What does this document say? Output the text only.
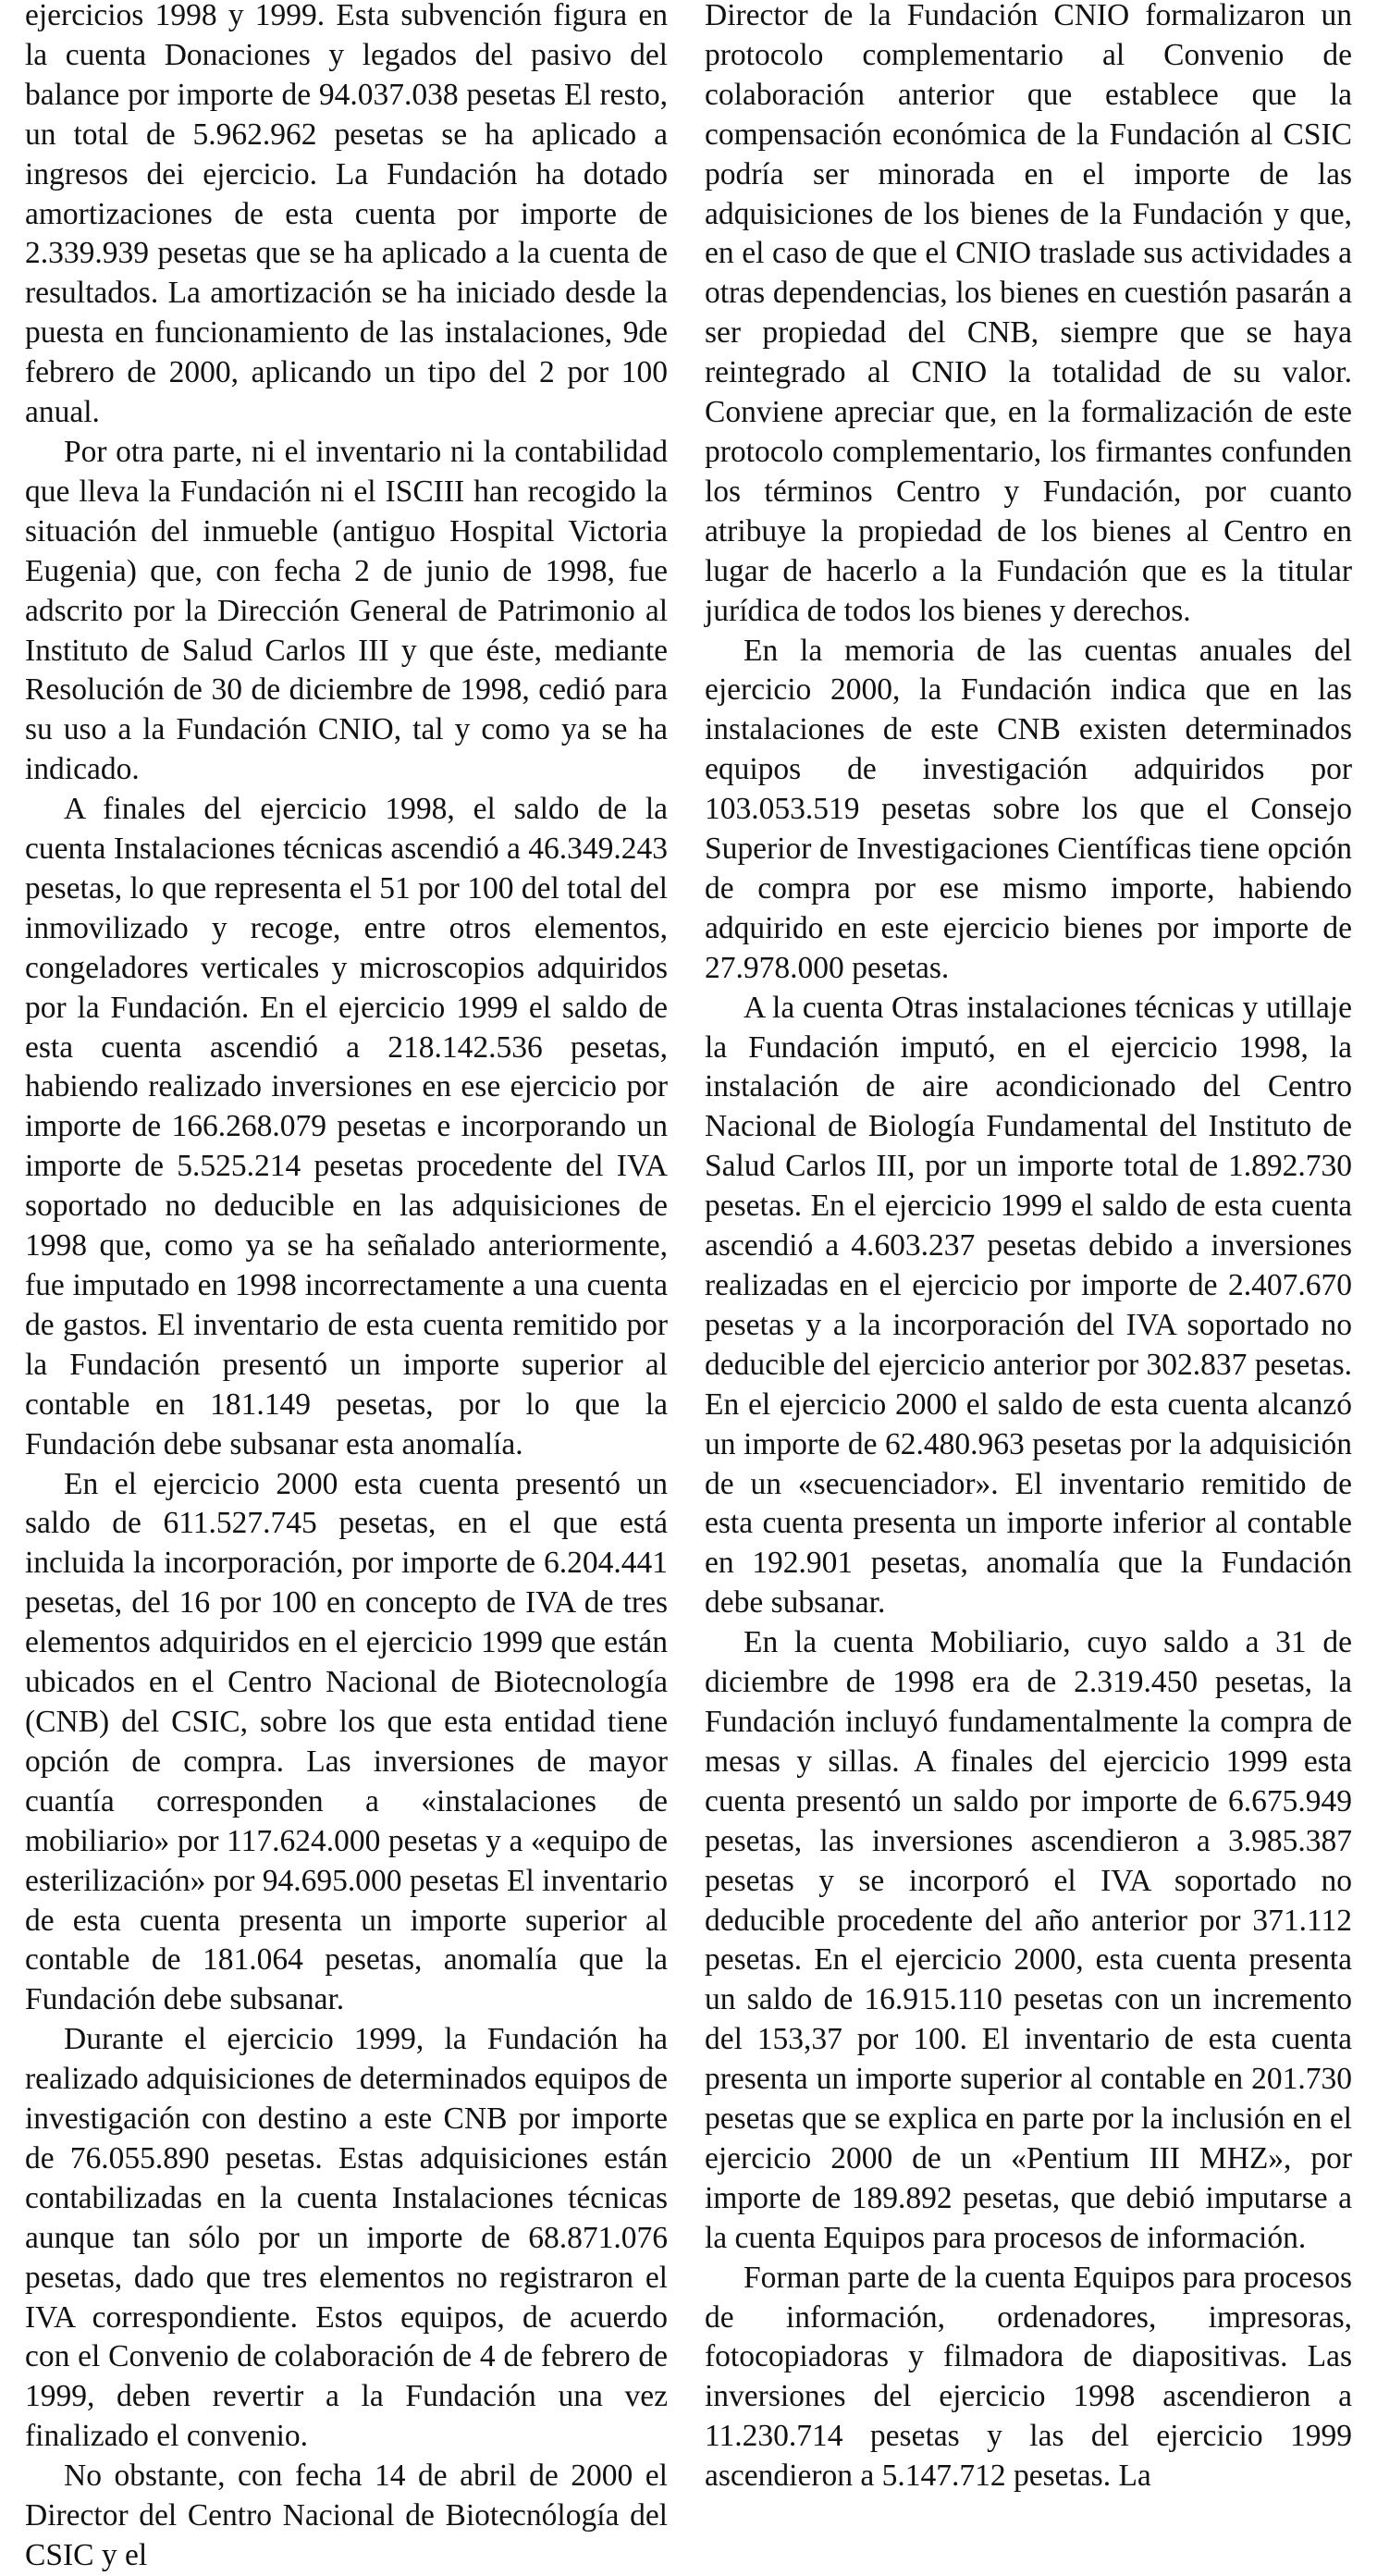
ejercicios 1998 y 1999. Esta subvención figura en la cuenta Donaciones y legados del pasivo del balance por importe de 94.037.038 pesetas El resto, un total de 5.962.962 pesetas se ha aplicado a ingresos dei ejercicio. La Fundación ha dotado amortizaciones de esta cuenta por importe de 2.339.939 pesetas que se ha aplicado a la cuenta de resultados. La amortización se ha iniciado desde la puesta en funcionamiento de las instalaciones, 9de febrero de 2000, aplicando un tipo del 2 por 100 anual.

Por otra parte, ni el inventario ni la contabilidad que lleva la Fundación ni el ISCIII han recogido la situación del inmueble (antiguo Hospital Victoria Eugenia) que, con fecha 2 de junio de 1998, fue adscrito por la Dirección General de Patrimonio al Instituto de Salud Carlos III y que éste, mediante Resolución de 30 de diciembre de 1998, cedió para su uso a la Fundación CNIO, tal y como ya se ha indicado.

A finales del ejercicio 1998, el saldo de la cuenta Instalaciones técnicas ascendió a 46.349.243 pesetas, lo que representa el 51 por 100 del total del inmovilizado y recoge, entre otros elementos, congeladores verticales y microscopios adquiridos por la Fundación. En el ejercicio 1999 el saldo de esta cuenta ascendió a 218.142.536 pesetas, habiendo realizado inversiones en ese ejercicio por importe de 166.268.079 pesetas e incorporando un importe de 5.525.214 pesetas procedente del IVA soportado no deducible en las adquisiciones de 1998 que, como ya se ha señalado anteriormente, fue imputado en 1998 incorrectamente a una cuenta de gastos. El inventario de esta cuenta remitido por la Fundación presentó un importe superior al contable en 181.149 pesetas, por lo que la Fundación debe subsanar esta anomalía.

En el ejercicio 2000 esta cuenta presentó un saldo de 611.527.745 pesetas, en el que está incluida la incorporación, por importe de 6.204.441 pesetas, del 16 por 100 en concepto de IVA de tres elementos adquiridos en el ejercicio 1999 que están ubicados en el Centro Nacional de Biotecnología (CNB) del CSIC, sobre los que esta entidad tiene opción de compra. Las inversiones de mayor cuantía corresponden a «instalaciones de mobiliario» por 117.624.000 pesetas y a «equipo de esterilización» por 94.695.000 pesetas El inventario de esta cuenta presenta un importe superior al contable de 181.064 pesetas, anomalía que la Fundación debe subsanar.

Durante el ejercicio 1999, la Fundación ha realizado adquisiciones de determinados equipos de investigación con destino a este CNB por importe de 76.055.890 pesetas. Estas adquisiciones están contabilizadas en la cuenta Instalaciones técnicas aunque tan sólo por un importe de 68.871.076 pesetas, dado que tres elementos no registraron el IVA correspondiente. Estos equipos, de acuerdo con el Convenio de colaboración de 4 de febrero de 1999, deben revertir a la Fundación una vez finalizado el convenio.

No obstante, con fecha 14 de abril de 2000 el Director del Centro Nacional de Biotecnólogía del CSIC y el

Director de la Fundación CNIO formalizaron un protocolo complementario al Convenio de colaboración anterior que establece que la compensación económica de la Fundación al CSIC podría ser minorada en el importe de las adquisiciones de los bienes de la Fundación y que, en el caso de que el CNIO traslade sus actividades a otras dependencias, los bienes en cuestión pasarán a ser propiedad del CNB, siempre que se haya reintegrado al CNIO la totalidad de su valor. Conviene apreciar que, en la formalización de este protocolo complementario, los firmantes confunden los términos Centro y Fundación, por cuanto atribuye la propiedad de los bienes al Centro en lugar de hacerlo a la Fundación que es la titular jurídica de todos los bienes y derechos.

En la memoria de las cuentas anuales del ejercicio 2000, la Fundación indica que en las instalaciones de este CNB existen determinados equipos de investigación adquiridos por 103.053.519 pesetas sobre los que el Consejo Superior de Investigaciones Científicas tiene opción de compra por ese mismo importe, habiendo adquirido en este ejercicio bienes por importe de 27.978.000 pesetas.

A la cuenta Otras instalaciones técnicas y utillaje la Fundación imputó, en el ejercicio 1998, la instalación de aire acondicionado del Centro Nacional de Biología Fundamental del Instituto de Salud Carlos III, por un importe total de 1.892.730 pesetas. En el ejercicio 1999 el saldo de esta cuenta ascendió a 4.603.237 pesetas debido a inversiones realizadas en el ejercicio por importe de 2.407.670 pesetas y a la incorporación del IVA soportado no deducible del ejercicio anterior por 302.837 pesetas. En el ejercicio 2000 el saldo de esta cuenta alcanzó un importe de 62.480.963 pesetas por la adquisición de un «secuenciador». El inventario remitido de esta cuenta presenta un importe inferior al contable en 192.901 pesetas, anomalía que la Fundación debe subsanar.

En la cuenta Mobiliario, cuyo saldo a 31 de diciembre de 1998 era de 2.319.450 pesetas, la Fundación incluyó fundamentalmente la compra de mesas y sillas. A finales del ejercicio 1999 esta cuenta presentó un saldo por importe de 6.675.949 pesetas, las inversiones ascendieron a 3.985.387 pesetas y se incorporó el IVA soportado no deducible procedente del año anterior por 371.112 pesetas. En el ejercicio 2000, esta cuenta presenta un saldo de 16.915.110 pesetas con un incremento del 153,37 por 100. El inventario de esta cuenta presenta un importe superior al contable en 201.730 pesetas que se explica en parte por la inclusión en el ejercicio 2000 de un «Pentium III MHZ», por importe de 189.892 pesetas, que debió imputarse a la cuenta Equipos para procesos de información.

Forman parte de la cuenta Equipos para procesos de información, ordenadores, impresoras, fotocopiadoras y filmadora de diapositivas. Las inversiones del ejercicio 1998 ascendieron a 11.230.714 pesetas y las del ejercicio 1999 ascendieron a 5.147.712 pesetas. La
